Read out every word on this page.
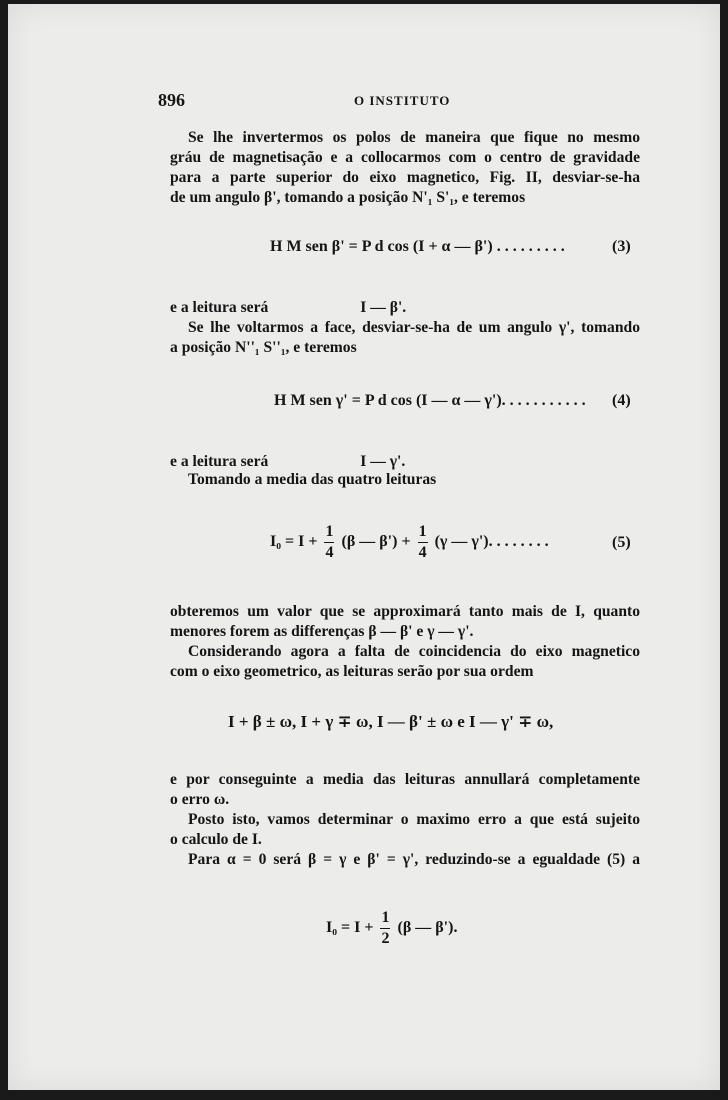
896	O INSTITUTO
Se lhe invertermos os polos de maneira que fique no mesmo
gráu de magnetisação e a collocarmos com o centro de gravidade
para a parte superior do eixo magnetico, Fig. II, desviar-se-ha
de um angulo β', tomando a posição N'₁ S'₁, e teremos
H M sen β' = P d cos (I + α — β') . . . . . . . . .	(3)
e a leitura será	I — β'.
Se lhe voltarmos a face, desviar-se-ha de um angulo γ', tomando
a posição N''₁ S''₁, e teremos
H M sen γ' = P d cos (I — α — γ'). . . . . . . . . . . (4)
e a leitura será	I — γ'.
Tomando a media das quatro leituras
$I_0 = I + \frac{1}{4} (\beta$ — $\beta') + \frac{1}{4} (\gamma$ — γ'). . . . . . . .	(5)
obteremos um valor que se approximará tanto mais de I, quanto
menores forem as differenças β — β' e γ — γ'.
Considerando agora a falta de coincidencia do eixo magnetico
com o eixo geometrico, as leituras serão por sua ordem
I + β ± ω, I + γ ∓ ω, I — β' ± ω e I — γ' ∓ ω,
e por conseguinte a media das leituras annullará completamente
o erro ω.
Posto isto, vamos determinar o maximo erro a que está sujeito
o calculo de I.
Para α = 0 será β = γ e β' = γ', reduzindo-se a egualdade (5) a
$I_0 = I + \frac{1}{2} (\beta$ — β').
